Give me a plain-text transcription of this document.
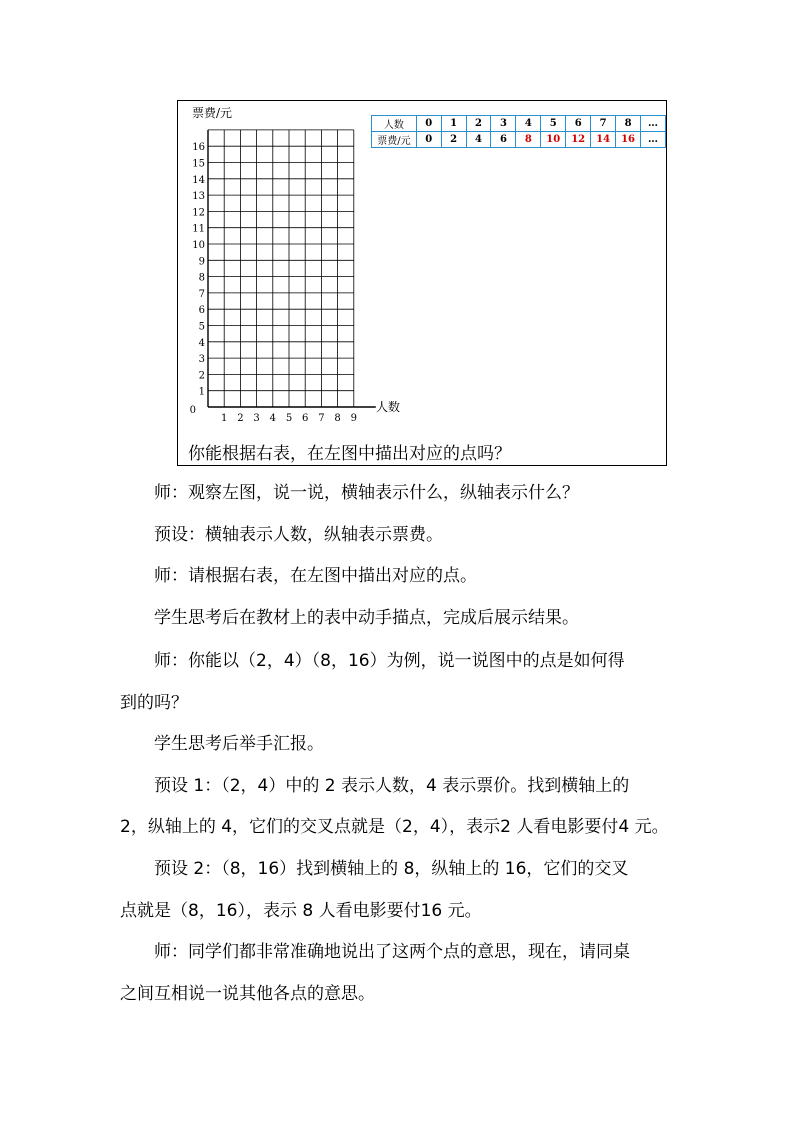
票费/元
人数
0
1 2 3 4 5 6 7 8 9
1
2
3
4
5
6
7
8
9
10
11
12
13
14
15
16
人数	0	1	2	3	4	5	6	7	8	…
票费/元	0	2	4	6	8	10	12	14	16	…
你能根据右表，在左图中描出对应的点吗？
师：观察左图，说一说，横轴表示什么，纵轴表示什么？
预设：横轴表示人数，纵轴表示票费。
师：请根据右表，在左图中描出对应的点。
学生思考后在教材上的表中动手描点，完成后展示结果。
师：你能以（2，4）（8，16）为例，说一说图中的点是如何得
到的吗？
学生思考后举手汇报。
预设 1：（2，4）中的 2 表示人数，4 表示票价。找到横轴上的
2，纵轴上的 4，它们的交叉点就是（2，4），表示2 人看电影要付4 元。
预设 2：（8，16）找到横轴上的 8，纵轴上的 16，它们的交叉
点就是（8，16），表示 8 人看电影要付16 元。
师：同学们都非常准确地说出了这两个点的意思，现在，请同桌
之间互相说一说其他各点的意思。
